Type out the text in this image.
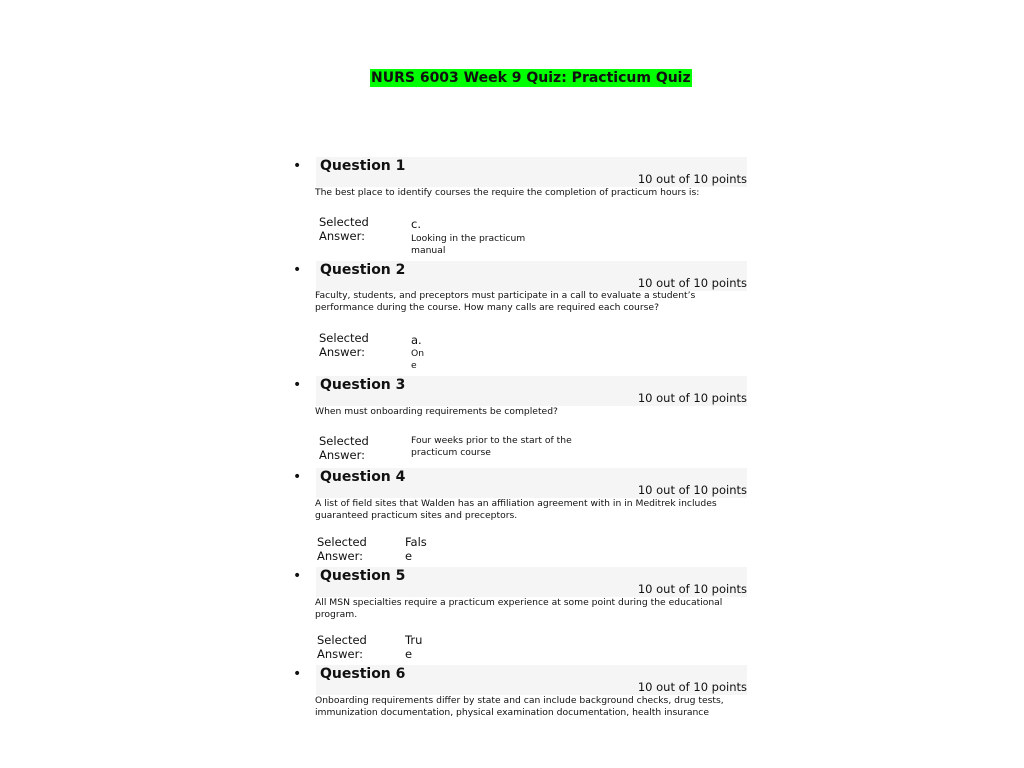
NURS 6003 Week 9 Quiz: Practicum Quiz
• Question 1
10 out of 10 points
The best place to identify courses the require the completion of practicum hours is:
Selected Answer:
c.
Looking in the practicum manual
• Question 2
10 out of 10 points
Faculty, students, and preceptors must participate in a call to evaluate a student’s performance during the course. How many calls are required each course?
Selected Answer:
a.
On e
• Question 3
10 out of 10 points
When must onboarding requirements be completed?
Selected Answer:
Four weeks prior to the start of the practicum course
• Question 4
10 out of 10 points
A list of field sites that Walden has an affiliation agreement with in in Meditrek includes guaranteed practicum sites and preceptors.
Selected Answer:
Fals e
• Question 5
10 out of 10 points
All MSN specialties require a practicum experience at some point during the educational program.
Selected Answer:
Tru e
• Question 6
10 out of 10 points
Onboarding requirements differ by state and can include background checks, drug tests, immunization documentation, physical examination documentation, health insurance
